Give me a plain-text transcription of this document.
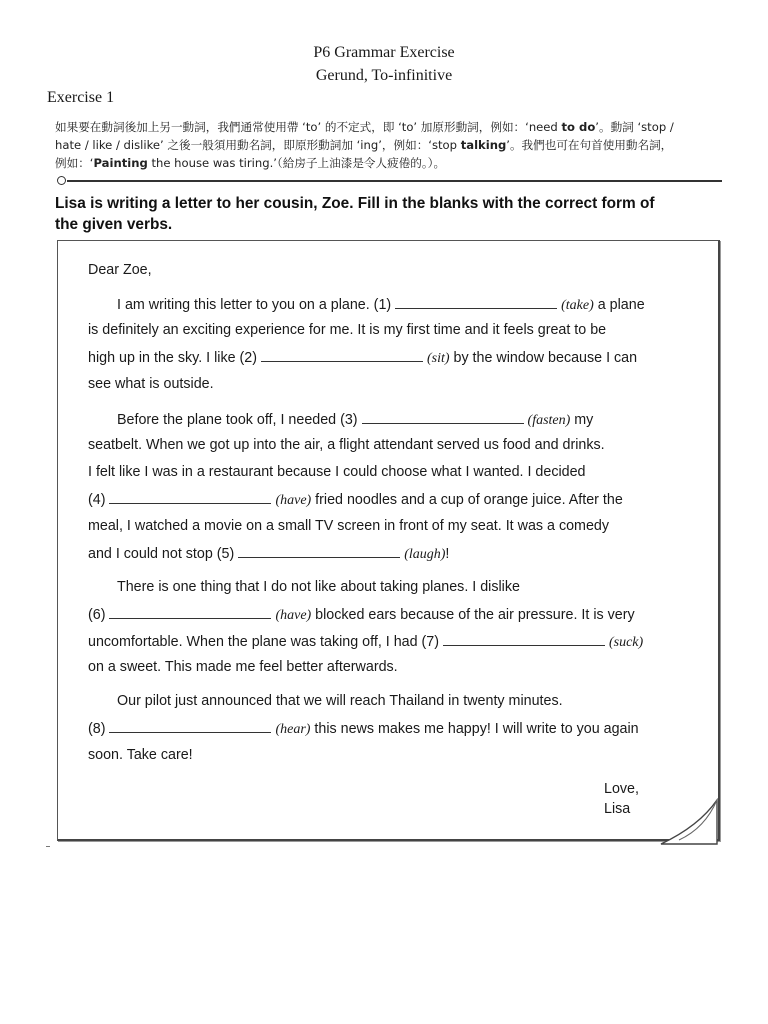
P6 Grammar Exercise
Gerund, To-infinitive
Exercise 1
如果要在動詞後加上另一動詞，我們通常使用帶 ‘to’ 的不定式，即 ‘to’ 加原形動詞，例如：‘need to do’。動詞 ‘stop /
hate / like / dislike’ 之後一般須用動名詞，即原形動詞加 ‘ing’，例如：‘stop talking’。我們也可在句首使用動名詞，
例如：‘Painting the house was tiring.’（給房子上油漆是令人疲倦的。）。
Lisa is writing a letter to her cousin, Zoe. Fill in the blanks with the correct form of
the given verbs.
Dear Zoe,
I am writing this letter to you on a plane. (1)	(take) a plane
is definitely an exciting experience for me. It is my first time and it feels great to be
high up in the sky. I like (2)	(sit) by the window because I can
see what is outside.
Before the plane took off, I needed (3)	(fasten) my
seatbelt. When we got up into the air, a flight attendant served us food and drinks.
I felt like I was in a restaurant because I could choose what I wanted. I decided
(4)	(have) fried noodles and a cup of orange juice. After the
meal, I watched a movie on a small TV screen in front of my seat. It was a comedy
and I could not stop (5)	(laugh)!
There is one thing that I do not like about taking planes. I dislike
(6)	(have) blocked ears because of the air pressure. It is very
uncomfortable. When the plane was taking off, I had (7)	(suck)
on a sweet. This made me feel better afterwards.
Our pilot just announced that we will reach Thailand in twenty minutes.
(8)	(hear) this news makes me happy! I will write to you again
soon. Take care!
Love,
Lisa
